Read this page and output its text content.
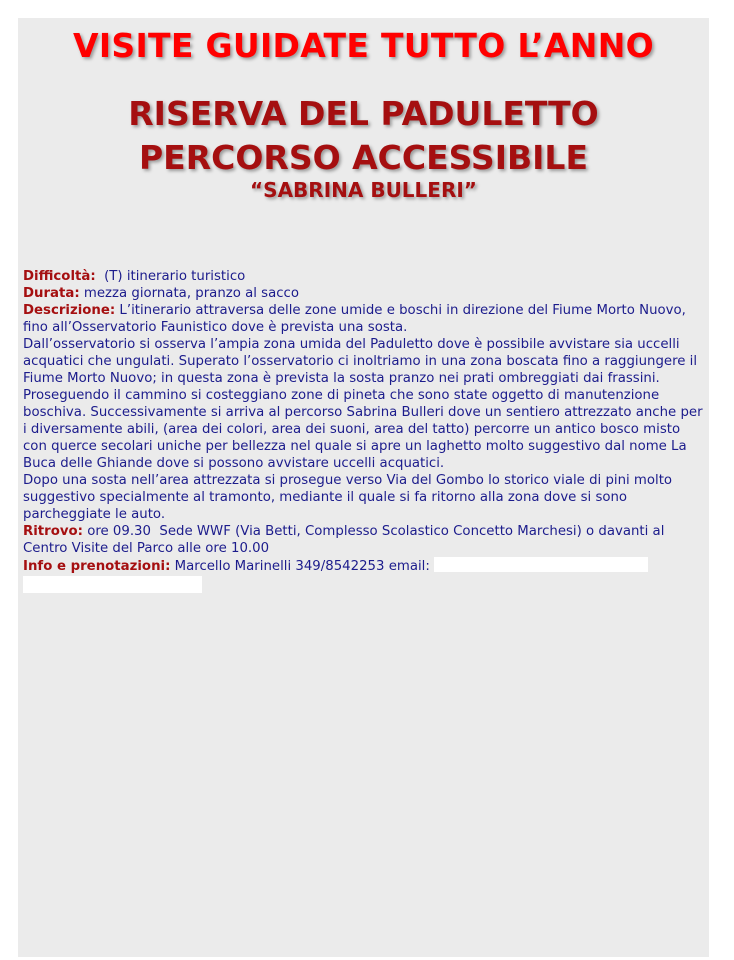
VISITE GUIDATE TUTTO L’ANNO
RISERVA DEL PADULETTO
PERCORSO ACCESSIBILE
“SABRINA BULLERI”

Difficoltà:  (T) itinerario turistico

Durata: mezza giornata, pranzo al sacco

Descrizione: L’itinerario attraversa delle zone umide e boschi in direzione del Fiume Morto Nuovo, fino all’Osservatorio Faunistico dove è prevista una sosta.

Dall’osservatorio si osserva l’ampia zona umida del Paduletto dove è possibile avvistare sia uccelli acquatici che ungulati. Superato l’osservatorio ci inoltriamo in una zona boscata fino a raggiungere il Fiume Morto Nuovo; in questa zona è prevista la sosta pranzo nei prati ombreggiati dai frassini. Proseguendo il cammino si costeggiano zone di pineta che sono state oggetto di manutenzione boschiva. Successivamente si arriva al percorso Sabrina Bulleri dove un sentiero attrezzato anche per i diversamente abili, (area dei colori, area dei suoni, area del tatto) percorre un antico bosco misto con querce secolari uniche per bellezza nel quale si apre un laghetto molto suggestivo dal nome La Buca delle Ghiande dove si possono avvistare uccelli acquatici.

Dopo una sosta nell’area attrezzata si prosegue verso Via del Gombo lo storico viale di pini molto suggestivo specialmente al tramonto, mediante il quale si fa ritorno alla zona dove si sono parcheggiate le auto.

Ritrovo: ore 09.30  Sede WWF (Via Betti, Complesso Scolastico Concetto Marchesi) o davanti al Centro Visite del Parco alle ore 10.00

Info e prenotazioni: Marcello Marinelli 349/8542253 email:
